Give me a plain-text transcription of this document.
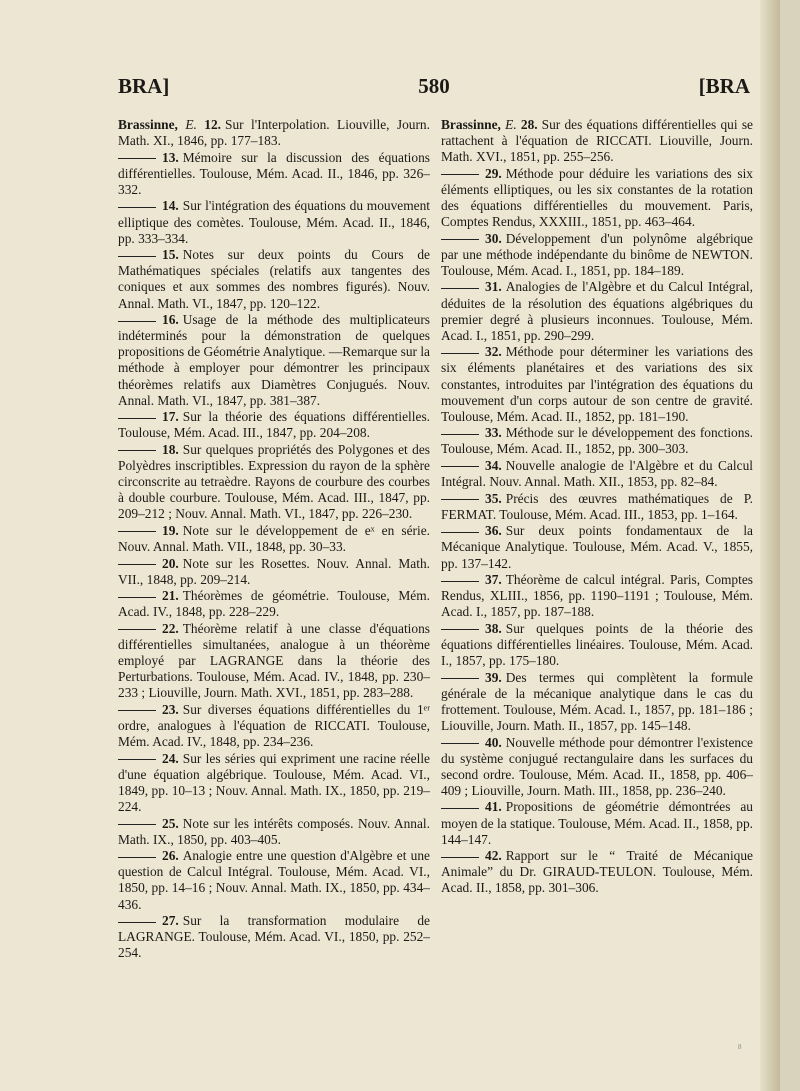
BRA]	580	[BRA

Brassinne, E. 12. Sur l'Interpolation. Liouville, Journ. Math. XI., 1846, pp. 177–183.

13. Mémoire sur la discussion des équations différentielles. Toulouse, Mém. Acad. II., 1846, pp. 326–332.

14. Sur l'intégration des équations du mouvement elliptique des comètes. Toulouse, Mém. Acad. II., 1846, pp. 333–334.

15. Notes sur deux points du Cours de Mathématiques spéciales (relatifs aux tangentes des coniques et aux sommes des nombres figurés). Nouv. Annal. Math. VI., 1847, pp. 120–122.

16. Usage de la méthode des multiplicateurs indéterminés pour la démonstration de quelques propositions de Géométrie Analytique. —Remarque sur la méthode à employer pour démontrer les principaux théorèmes relatifs aux Diamètres Conjugués. Nouv. Annal. Math. VI., 1847, pp. 381–387.

17. Sur la théorie des équations différentielles. Toulouse, Mém. Acad. III., 1847, pp. 204–208.

18. Sur quelques propriétés des Polygones et des Polyèdres inscriptibles. Expression du rayon de la sphère circonscrite au tetraèdre. Rayons de courbure des courbes à double courbure. Toulouse, Mém. Acad. III., 1847, pp. 209–212 ; Nouv. Annal. Math. VI., 1847, pp. 226–230.

19. Note sur le développement de eˣ en série. Nouv. Annal. Math. VII., 1848, pp. 30–33.

20. Note sur les Rosettes. Nouv. Annal. Math. VII., 1848, pp. 209–214.

21. Théorèmes de géométrie. Toulouse, Mém. Acad. IV., 1848, pp. 228–229.

22. Théorème relatif à une classe d'équations différentielles simultanées, analogue à un théorème employé par LAGRANGE dans la théorie des Perturbations. Toulouse, Mém. Acad. IV., 1848, pp. 230–233 ; Liouville, Journ. Math. XVI., 1851, pp. 283–288.

23. Sur diverses équations différentielles du 1ᵉʳ ordre, analogues à l'équation de RICCATI. Toulouse, Mém. Acad. IV., 1848, pp. 234–236.

24. Sur les séries qui expriment une racine réelle d'une équation algébrique. Toulouse, Mém. Acad. VI., 1849, pp. 10–13 ; Nouv. Annal. Math. IX., 1850, pp. 219–224.

25. Note sur les intérêts composés. Nouv. Annal. Math. IX., 1850, pp. 403–405.

26. Analogie entre une question d'Algèbre et une question de Calcul Intégral. Toulouse, Mém. Acad. VI., 1850, pp. 14–16 ; Nouv. Annal. Math. IX., 1850, pp. 434–436.

27. Sur la transformation modulaire de LAGRANGE. Toulouse, Mém. Acad. VI., 1850, pp. 252–254.

Brassinne, E. 28. Sur des équations différentielles qui se rattachent à l'équation de RICCATI. Liouville, Journ. Math. XVI., 1851, pp. 255–256.

29. Méthode pour déduire les variations des six éléments elliptiques, ou les six constantes de la rotation des équations différentielles du mouvement. Paris, Comptes Rendus, XXXIII., 1851, pp. 463–464.

30. Développement d'un polynôme algébrique par une méthode indépendante du binôme de NEWTON. Toulouse, Mém. Acad. I., 1851, pp. 184–189.

31. Analogies de l'Algèbre et du Calcul Intégral, déduites de la résolution des équations algébriques du premier degré à plusieurs inconnues. Toulouse, Mém. Acad. I., 1851, pp. 290–299.

32. Méthode pour déterminer les variations des six éléments planétaires et des variations des six constantes, introduites par l'intégration des équations du mouvement d'un corps autour de son centre de gravité. Toulouse, Mém. Acad. II., 1852, pp. 181–190.

33. Méthode sur le développement des fonctions. Toulouse, Mém. Acad. II., 1852, pp. 300–303.

34. Nouvelle analogie de l'Algèbre et du Calcul Intégral. Nouv. Annal. Math. XII., 1853, pp. 82–84.

35. Précis des œuvres mathématiques de P. FERMAT. Toulouse, Mém. Acad. III., 1853, pp. 1–164.

36. Sur deux points fondamentaux de la Mécanique Analytique. Toulouse, Mém. Acad. V., 1855, pp. 137–142.

37. Théorème de calcul intégral. Paris, Comptes Rendus, XLIII., 1856, pp. 1190–1191 ; Toulouse, Mém. Acad. I., 1857, pp. 187–188.

38. Sur quelques points de la théorie des équations différentielles linéaires. Toulouse, Mém. Acad. I., 1857, pp. 175–180.

39. Des termes qui complètent la formule générale de la mécanique analytique dans le cas du frottement. Toulouse, Mém. Acad. I., 1857, pp. 181–186 ; Liouville, Journ. Math. II., 1857, pp. 145–148.

40. Nouvelle méthode pour démontrer l'existence du système conjugué rectangulaire dans les surfaces du second ordre. Toulouse, Mém. Acad. II., 1858, pp. 406–409 ; Liouville, Journ. Math. III., 1858, pp. 236–240.

41. Propositions de géométrie démontrées au moyen de la statique. Toulouse, Mém. Acad. II., 1858, pp. 144–147.

42. Rapport sur le “ Traité de Mécanique Animale” du Dr. GIRAUD-TEULON. Toulouse, Mém. Acad. II., 1858, pp. 301–306.

8
